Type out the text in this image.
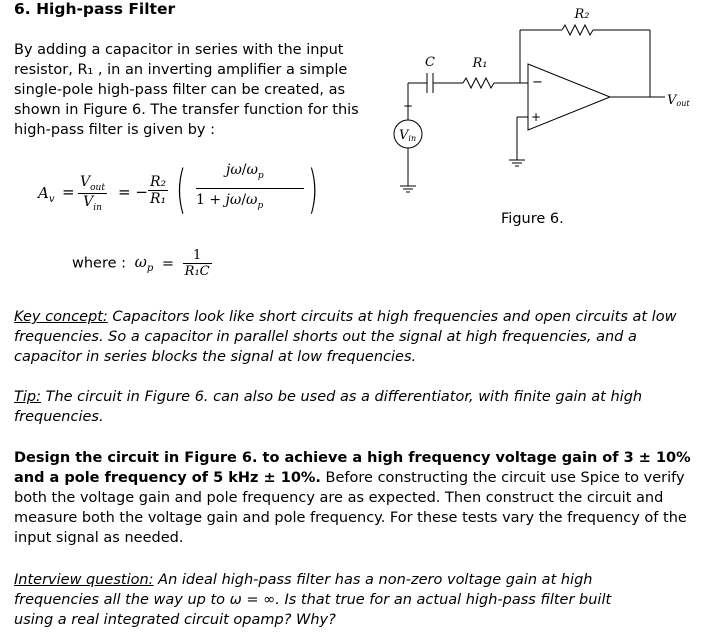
6. High-pass Filter
By adding a capacitor in series with the input resistor, R₁ , in an inverting amplifier a simple single-pole high-pass filter can be created, as shown in Figure 6. The transfer function for this high-pass filter is given by :
$A_v$ =
$V_{out}$
$V_{in}$
= − $\frac{\text{R₂}}{\text{R₁}}$ (	$j\omega/\omega_p$
$1 + j\omega/\omega_p$ )
where : $\omega_p = \frac{1}{\text{R₁C}}$
R₂
C	R₁
+
|
Vin
−
+
Vout
Figure 6.
Key concept: Capacitors look like short circuits at high frequencies and open circuits at low frequencies. So a capacitor in parallel shorts out the signal at high frequencies, and a capacitor in series blocks the signal at low frequencies.
Tip: The circuit in Figure 6. can also be used as a differentiator, with finite gain at high frequencies.
Design the circuit in Figure 6. to achieve a high frequency voltage gain of 3 ± 10% and a pole frequency of 5 kHz ± 10%. Before constructing the circuit use Spice to verify both the voltage gain and pole frequency are as expected. Then construct the circuit and measure both the voltage gain and pole frequency. For these tests vary the frequency of the input signal as needed.
Interview question: An ideal high-pass filter has a non-zero voltage gain at high frequencies all the way up to ω = ∞. Is that true for an actual high-pass filter built using a real integrated circuit opamp? Why?
